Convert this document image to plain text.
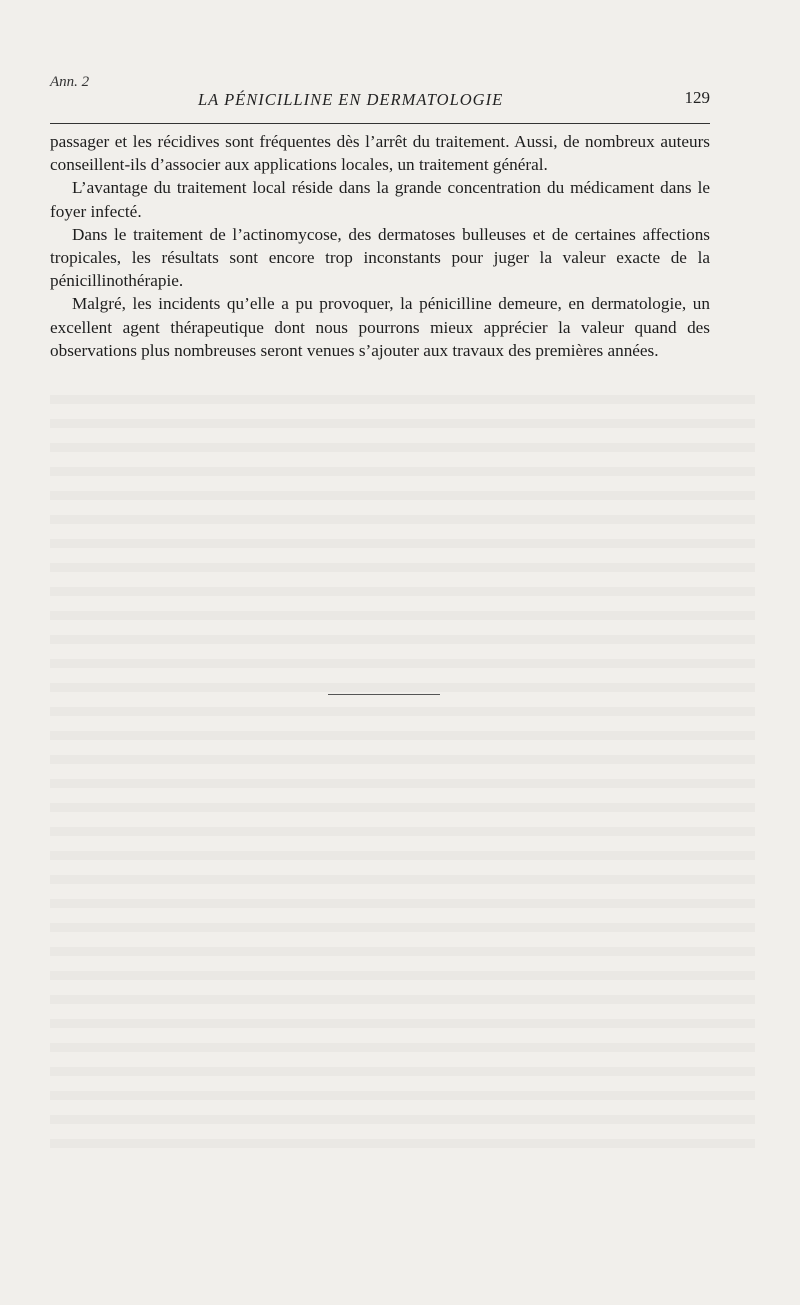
Ann. 2
LA PÉNICILLINE EN DERMATOLOGIE	129

passager et les récidives sont fréquentes dès l’arrêt du traitement. Aussi, de nombreux auteurs conseillent-ils d’associer aux applications locales, un traitement général.

L’avantage du traitement local réside dans la grande concentration du médicament dans le foyer infecté.

Dans le traitement de l’actinomycose, des dermatoses bulleuses et de certaines affections tropicales, les résultats sont encore trop inconstants pour juger la valeur exacte de la pénicillinothérapie.

Malgré, les incidents qu’elle a pu provoquer, la pénicilline demeure, en dermatologie, un excellent agent thérapeutique dont nous pourrons mieux apprécier la valeur quand des observations plus nombreuses seront venues s’ajouter aux travaux des premières années.
